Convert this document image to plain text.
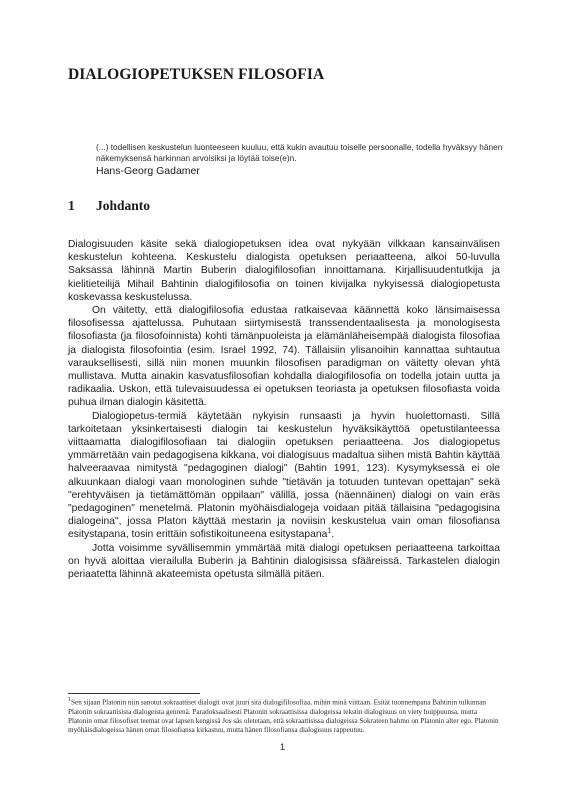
DIALOGIOPETUKSEN FILOSOFIA

(...) todellisen keskustelun luonteeseen kuuluu, että kukin avautuu toiselle persoonalle, todella hyväksyy hänen näkemyksensä harkinnan arvoisiksi ja löytää toise(e)n.

Hans-Georg Gadamer

1 Johdanto

Dialogisuuden käsite sekä dialogiopetuksen idea ovat nykyään vilkkaan kansainvälisen keskustelun kohteena. Keskustelu dialogista opetuksen periaatteena, alkoi 50-luvulla Saksassa lähinnä Martin Buberin dialogifilosofian innoittamana. Kirjallisuudentutkija ja kielitieteilijä Mihail Bahtinin dialogifilosofia on toinen kivijalka nykyisessä dialogiopetusta koskevassa keskustelussa.

On väitetty, että dialogifilosofia edustaa ratkaisevaa käännettä koko länsimaisessa filosofisessa ajattelussa. Puhutaan siirtymisestä transsendentaalisesta ja monologisesta filosofiasta (ja filosofoinnista) kohti tämänpuoleista ja elämänläheisempää dialogista filosofiaa ja dialogista filosofointia (esim. Israel 1992, 74). Tällaisiin ylisanoihin kannattaa suhtautua varauksellisesti, sillä niin monen muunkin filosofisen paradigman on väitetty olevan yhtä mullistava. Mutta ainakin kasvatusfilosofian kohdalla dialogifilosofia on todella jotain uutta ja radikaalia. Uskon, että tulevaisuudessa ei opetuksen teoriasta ja opetuksen filosofiasta voida puhua ilman dialogin käsitettä.

Dialogiopetus-termiä käytetään nykyisin runsaasti ja hyvin huolettomasti. Sillä tarkoitetaan yksinkertaisesti dialogin tai keskustelun hyväksikäyttöä opetustilanteessa viittaamatta dialogifilosofiaan tai dialogiin opetuksen periaatteena. Jos dialogiopetus ymmärretään vain pedagogisena kikkana, voi dialogisuus madaltua siihen mistä Bahtin käyttää halveeraavaa nimitystä "pedagoginen dialogi" (Bahtin 1991, 123). Kysymyksessä ei ole alkuunkaan dialogi vaan monologinen suhde "tietävän ja totuuden tuntevan opettajan" sekä "erehtyväisen ja tietämättömän oppilaan" välillä, jossa (näennäinen) dialogi on vain eräs "pedagoginen" menetelmä. Platonin myöhäisdialogeja voidaan pitää tällaisina "pedagogisina dialogeina", jossa Platon käyttää mestarin ja noviisin keskustelua vain oman filosofiansa esitystapana, tosin erittäin sofistikoituneena esitystapana$^1$.

Jotta voisimme syvällisemmin ymmärtää mitä dialogi opetuksen periaatteena tarkoittaa on hyvä aloittaa vierailulla Buberin ja Bahtinin dialogisissa sfääreissä. Tarkastelen dialogin periaatetta lähinnä akateemista opetusta silmällä pitäen.

$^1$Sen sijaan Platonin niin sanotut sokraattiset dialogit ovat juuri sitä dialogifilosofiaa, mihin minä viittaan. Esität tuonnempana Bahtinin tulkinnan Platonin sokraattisista dialogeista genrenä. Paradoksaalisesti Platonin sokraattisissa dialogeissa tekstin dialogisuus on viety huippuunsa, mutta Platonin omat filosofiset teemat ovat lapsen kengissä Jos säs oletetaan, että sokraattisissa dialogeissa Sokrateen hahmo on Platonin alter ego. Platonin myöhäisdialogeissa hänen omat filosofiansa kirkastuu, mutta hänen filosofiansa dialogisuus rappeutuu.
1
